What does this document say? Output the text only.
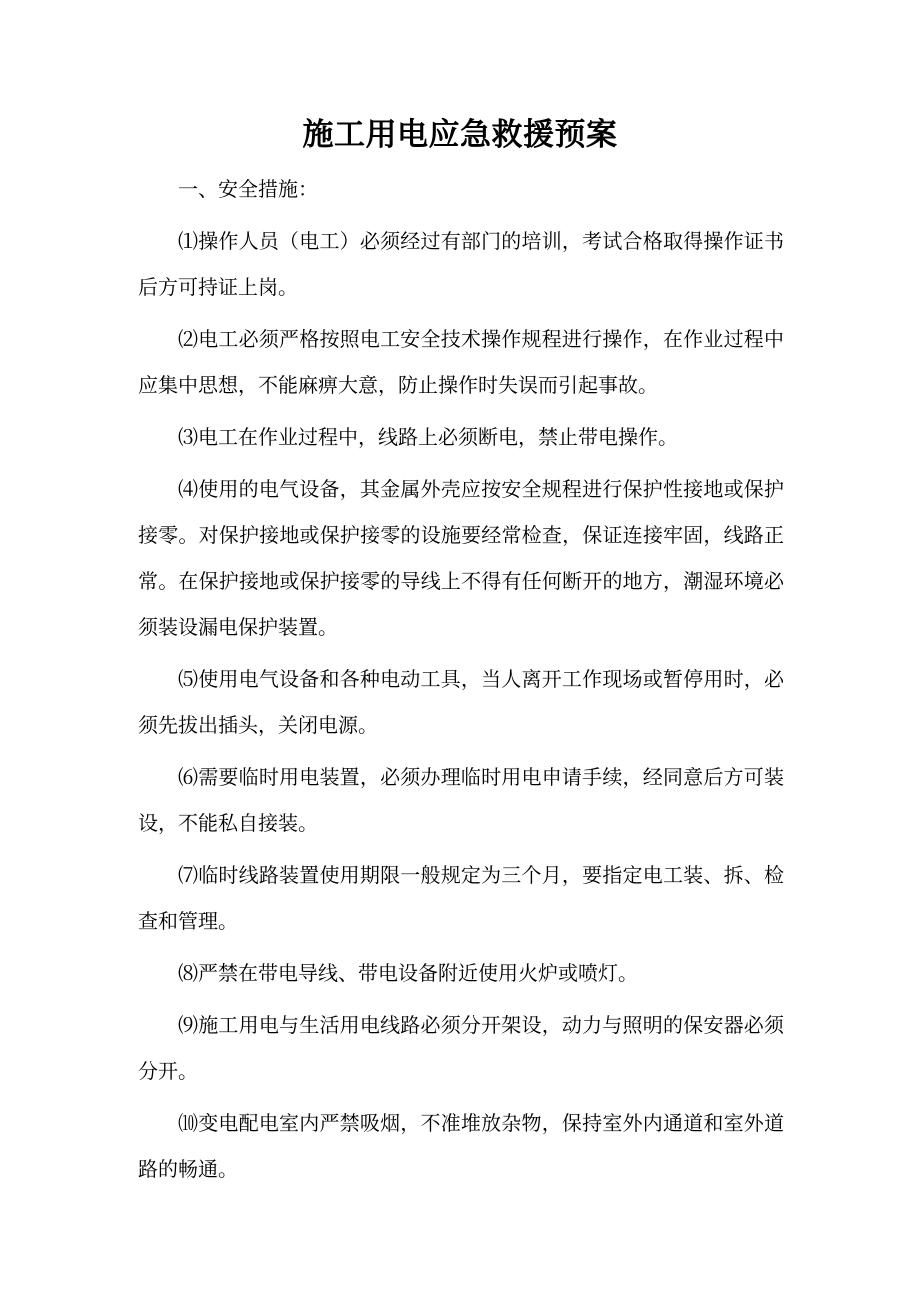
施工用电应急救援预案
一、安全措施：
⑴操作人员（电工）必须经过有部门的培训，考试合格取得操作证书后方可持证上岗。
⑵电工必须严格按照电工安全技术操作规程进行操作，在作业过程中应集中思想，不能麻痹大意，防止操作时失误而引起事故。
⑶电工在作业过程中，线路上必须断电，禁止带电操作。
⑷使用的电气设备，其金属外壳应按安全规程进行保护性接地或保护接零。对保护接地或保护接零的设施要经常检查，保证连接牢固，线路正常。在保护接地或保护接零的导线上不得有任何断开的地方，潮湿环境必须装设漏电保护装置。
⑸使用电气设备和各种电动工具，当人离开工作现场或暂停用时，必须先拔出插头，关闭电源。
⑹需要临时用电装置，必须办理临时用电申请手续，经同意后方可装设，不能私自接装。
⑺临时线路装置使用期限一般规定为三个月，要指定电工装、拆、检查和管理。
⑻严禁在带电导线、带电设备附近使用火炉或喷灯。
⑼施工用电与生活用电线路必须分开架设，动力与照明的保安器必须分开。
⑽变电配电室内严禁吸烟，不准堆放杂物，保持室外内通道和室外道路的畅通。
